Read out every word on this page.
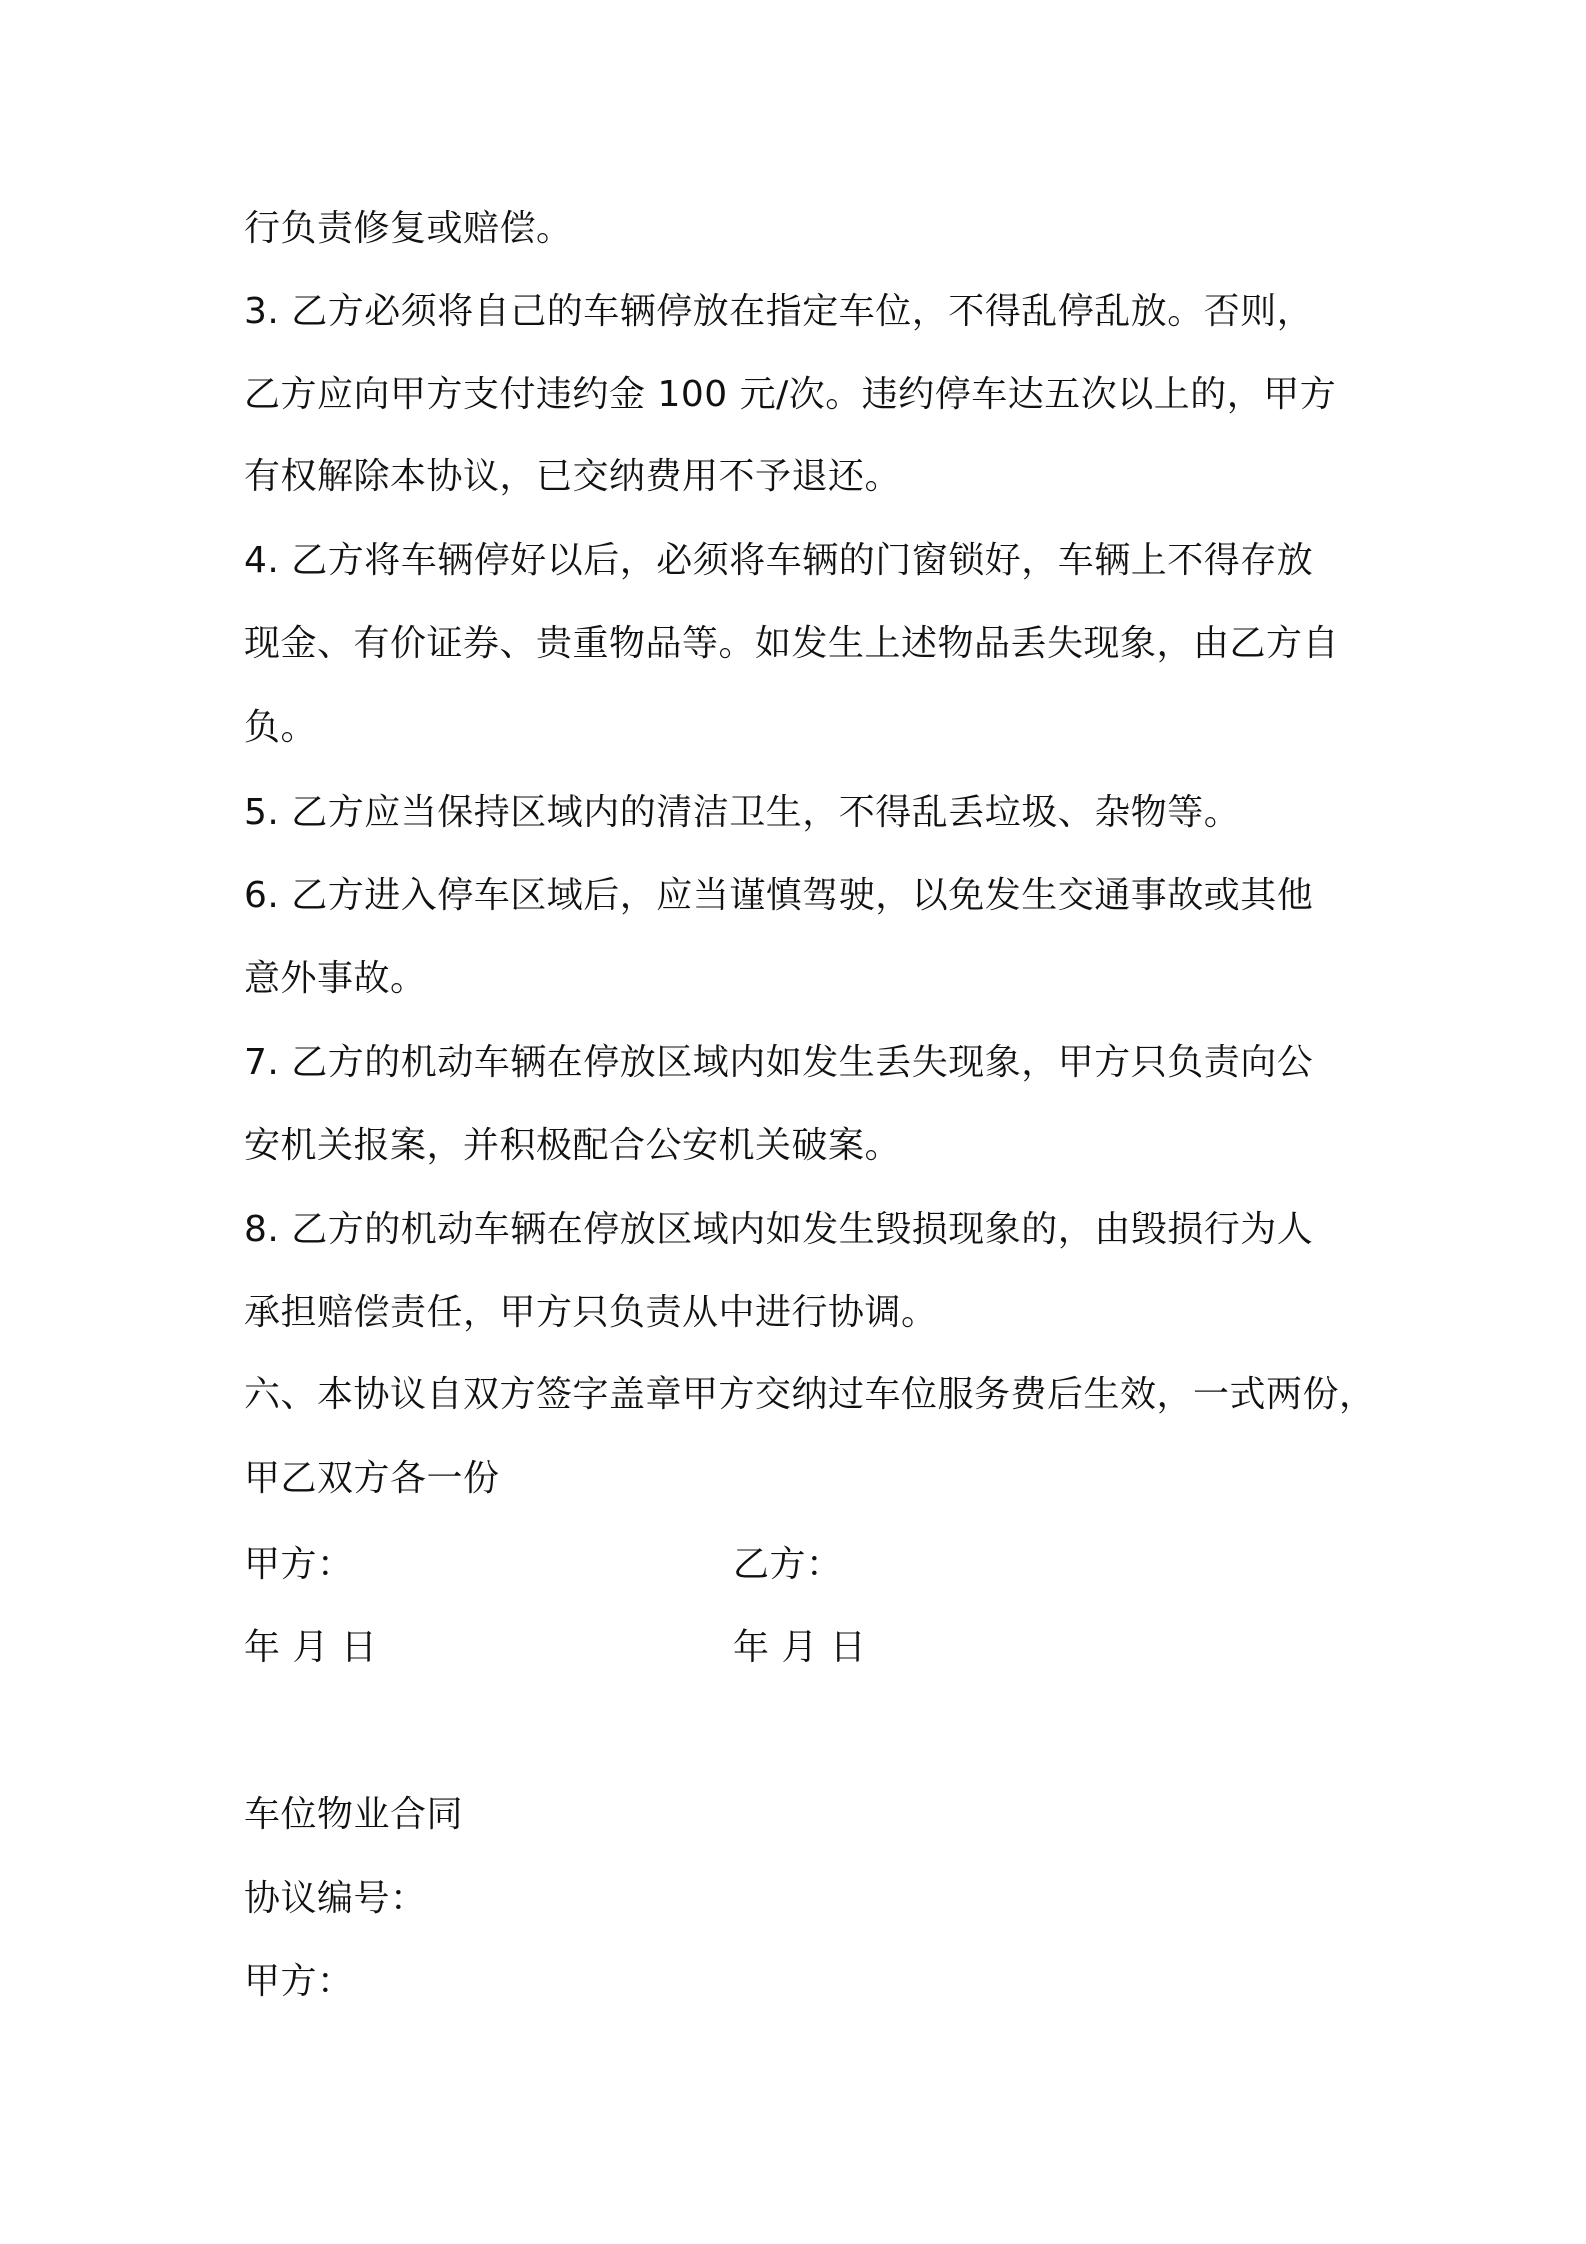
行负责修复或赔偿。
3. 乙方必须将自己的车辆停放在指定车位，不得乱停乱放。否则，
乙方应向甲方支付违约金 100 元/次。违约停车达五次以上的，甲方
有权解除本协议，已交纳费用不予退还。
4. 乙方将车辆停好以后，必须将车辆的门窗锁好，车辆上不得存放
现金、有价证券、贵重物品等。如发生上述物品丢失现象，由乙方自
负。
5. 乙方应当保持区域内的清洁卫生，不得乱丢垃圾、杂物等。
6. 乙方进入停车区域后，应当谨慎驾驶，以免发生交通事故或其他
意外事故。
7. 乙方的机动车辆在停放区域内如发生丢失现象，甲方只负责向公
安机关报案，并积极配合公安机关破案。
8. 乙方的机动车辆在停放区域内如发生毁损现象的，由毁损行为人
承担赔偿责任，甲方只负责从中进行协调。
六、本协议自双方签字盖章甲方交纳过车位服务费后生效，一式两份，
甲乙双方各一份
甲方：	乙方：
年 月 日	年 月 日
车位物业合同
协议编号：
甲方：
